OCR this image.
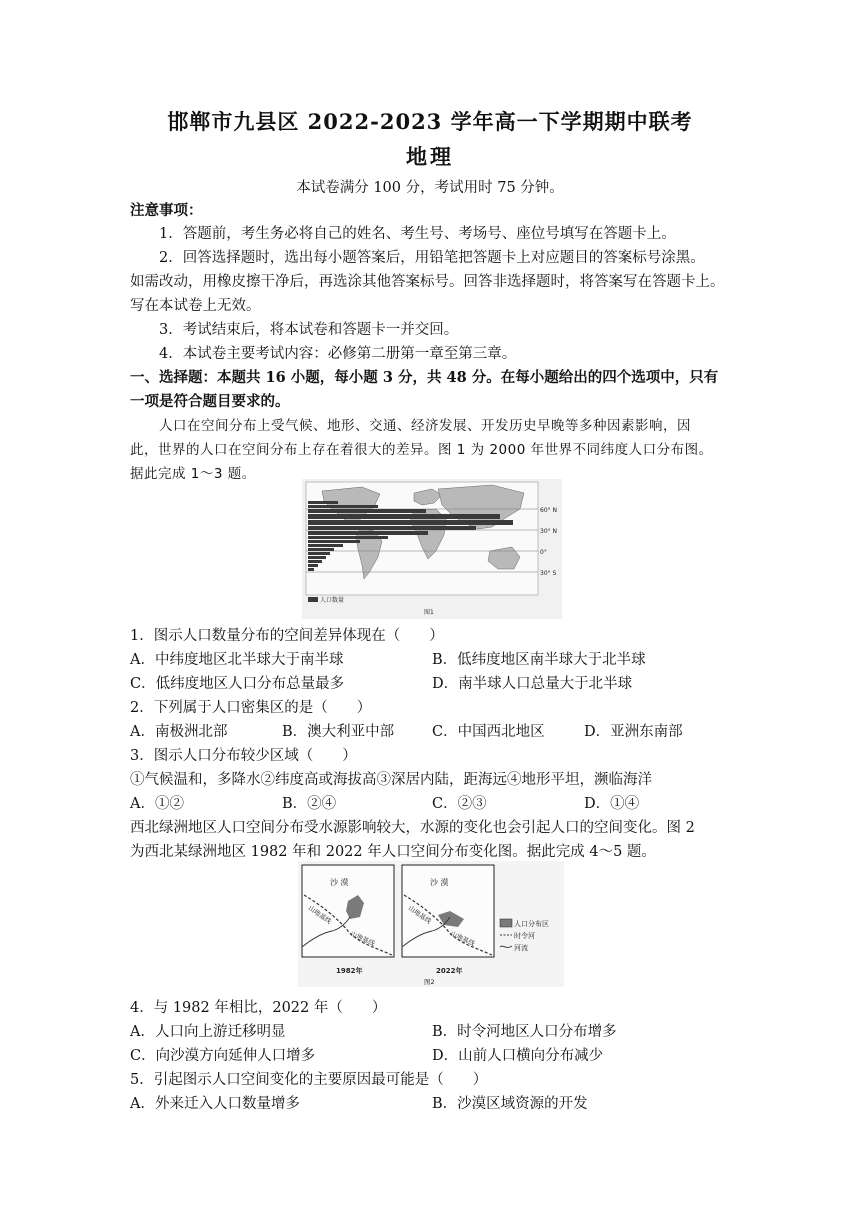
邯郸市九县区 2022-2023 学年高一下学期期中联考
地理
本试卷满分 100 分，考试用时 75 分钟。
注意事项：
1．答题前，考生务必将自己的姓名、考生号、考场号、座位号填写在答题卡上。
2．回答选择题时，选出每小题答案后，用铅笔把答题卡上对应题目的答案标号涂黑。
如需改动，用橡皮擦干净后，再选涂其他答案标号。回答非选择题时，将答案写在答题卡上。
写在本试卷上无效。
3．考试结束后，将本试卷和答题卡一并交回。
4．本试卷主要考试内容：必修第二册第一章至第三章。
一、选择题：本题共 16 小题，每小题 3 分，共 48 分。在每小题给出的四个选项中，只有
一项是符合题目要求的。
人口在空间分布上受气候、地形、交通、经济发展、开发历史早晚等多种因素影响，因
此，世界的人口在空间分布上存在着很大的差异。图 1 为 2000 年世界不同纬度人口分布图。
据此完成 1～3 题。
60° N
30° N
0°
30° S
人口数量
图1
1．图示人口数量分布的空间差异体现在（　　）
A．中纬度地区北半球大于南半球	B．低纬度地区南半球大于北半球
C．低纬度地区人口分布总量最多	D．南半球人口总量大于北半球
2．下列属于人口密集区的是（　　）
A．南极洲北部	B．澳大利亚中部	C．中国西北地区	D．亚洲东南部
3．图示人口分布较少区域（　　）
①气候温和，多降水②纬度高或海拔高③深居内陆，距海远④地形平坦，濒临海洋
A．①②	B．②④	C．②③	D．①④
西北绿洲地区人口空间分布受水源影响较大，水源的变化也会引起人口的空间变化。图 2
为西北某绿洲地区 1982 年和 2022 年人口空间分布变化图。据此完成 4～5 题。
沙 漠
山地基线
山地基线
1982年
沙 漠
山地基线
山地基线
2022年
人口分布区
时令河
河流
图2
4．与 1982 年相比，2022 年（　　）
A．人口向上游迁移明显	B．时令河地区人口分布增多
C．向沙漠方向延伸人口增多	D．山前人口横向分布减少
5．引起图示人口空间变化的主要原因最可能是（　　）
A．外来迁入人口数量增多	B．沙漠区域资源的开发
